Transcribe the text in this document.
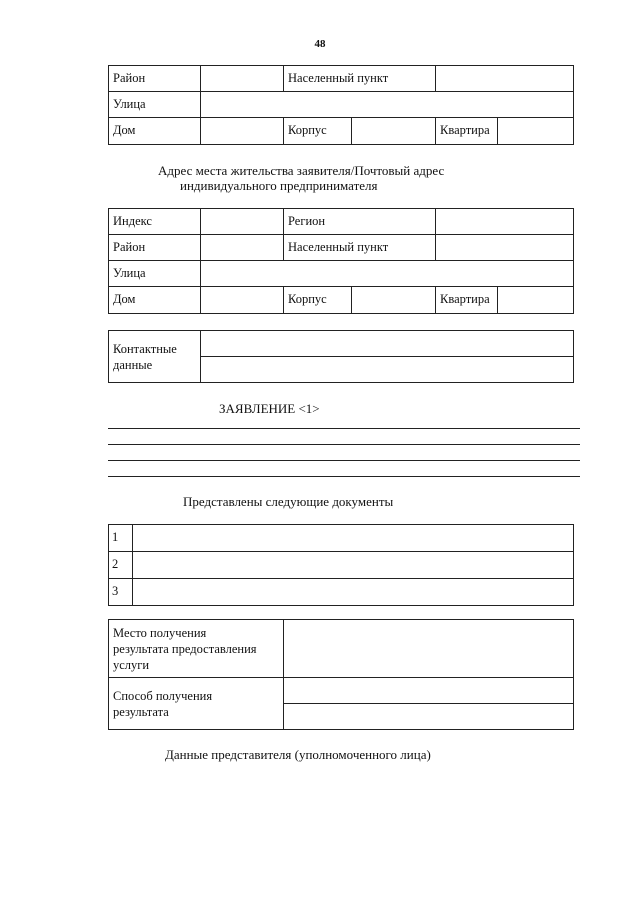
48
Район		Населенный пункт			
Улица					
Дом		Корпус		Квартира	
Адрес места жительства заявителя/Почтовый адрес
индивидуального предпринимателя
Индекс		Регион			
Район		Населенный пункт			
Улица					
Дом		Корпус		Квартира	
Контактные
данные

ЗАЯВЛЕНИЕ <1>
Представлены следующие документы
1	
2	
3	
Место получения
результата предоставления
услуги	

Способ получения
результата	

Данные представителя (уполномоченного лица)
